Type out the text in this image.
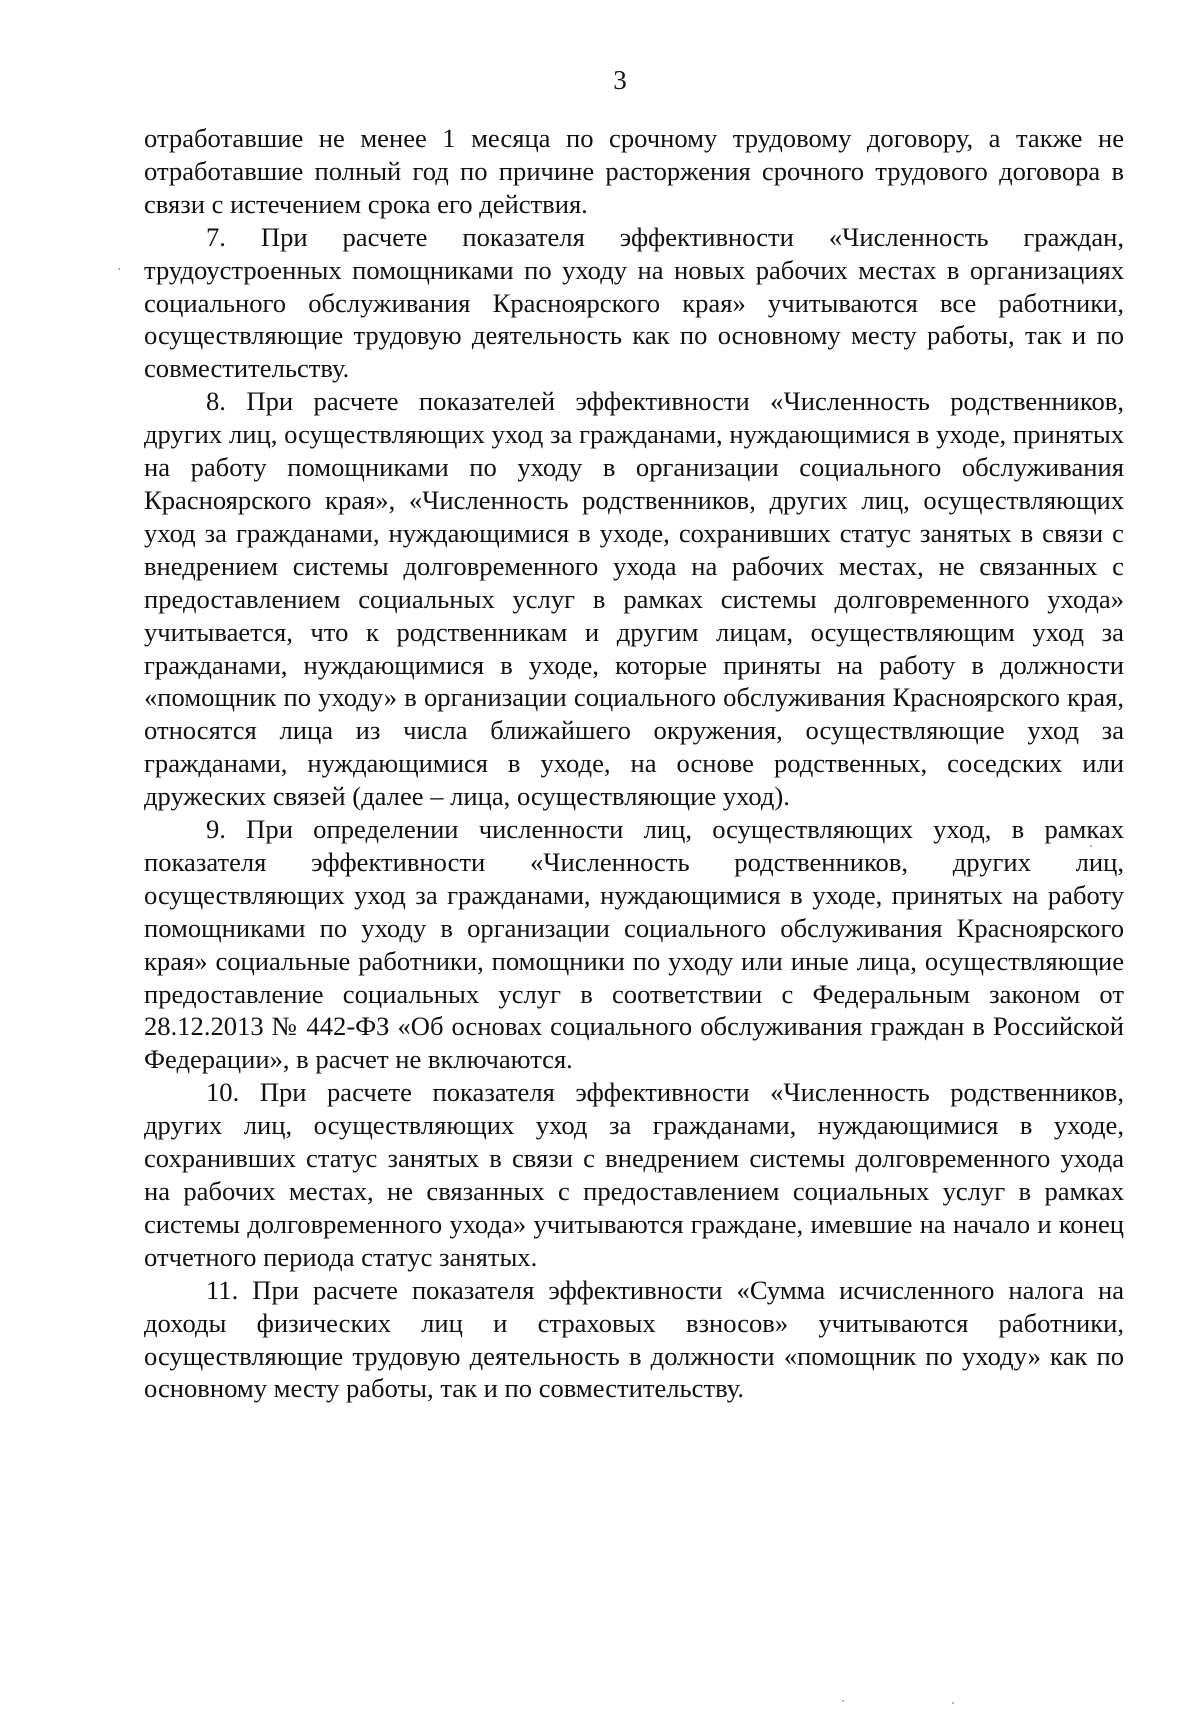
3

отработавшие не менее 1 месяца по срочному трудовому договору, а также не отработавшие полный год по причине расторжения срочного трудового договора в связи с истечением срока его действия.

7. При расчете показателя эффективности «Численность граждан, трудоустроенных помощниками по уходу на новых рабочих местах в организациях социального обслуживания Красноярского края» учитываются все работники, осуществляющие трудовую деятельность как по основному месту работы, так и по совместительству.

8. При расчете показателей эффективности «Численность родственников, других лиц, осуществляющих уход за гражданами, нуждающимися в уходе, принятых на работу помощниками по уходу в организации социального обслуживания Красноярского края», «Численность родственников, других лиц, осуществляющих уход за гражданами, нуждающимися в уходе, сохранивших статус занятых в связи с внедрением системы долговременного ухода на рабочих местах, не связанных с предоставлением социальных услуг в рамках системы долговременного ухода» учитывается, что к родственникам и другим лицам, осуществляющим уход за гражданами, нуждающимися в уходе, которые приняты на работу в должности «помощник по уходу» в организации социального обслуживания Красноярского края, относятся лица из числа ближайшего окружения, осуществляющие уход за гражданами, нуждающимися в уходе, на основе родственных, соседских или дружеских связей (далее – лица, осуществляющие уход).

9. При определении численности лиц, осуществляющих уход, в рамках показателя эффективности «Численность родственников, других лиц, осуществляющих уход за гражданами, нуждающимися в уходе, принятых на работу помощниками по уходу в организации социального обслуживания Красноярского края» социальные работники, помощники по уходу или иные лица, осуществляющие предоставление социальных услуг в соответствии с Федеральным законом от 28.12.2013 № 442-ФЗ «Об основах социального обслуживания граждан в Российской Федерации», в расчет не включаются.

10. При расчете показателя эффективности «Численность родственников, других лиц, осуществляющих уход за гражданами, нуждающимися в уходе, сохранивших статус занятых в связи с внедрением системы долговременного ухода на рабочих местах, не связанных с предоставлением социальных услуг в рамках системы долговременного ухода» учитываются граждане, имевшие на начало и конец отчетного периода статус занятых.

11. При расчете показателя эффективности «Сумма исчисленного налога на доходы физических лиц и страховых взносов» учитываются работники, осуществляющие трудовую деятельность в должности «помощник по уходу» как по основному месту работы, так и по совместительству.
